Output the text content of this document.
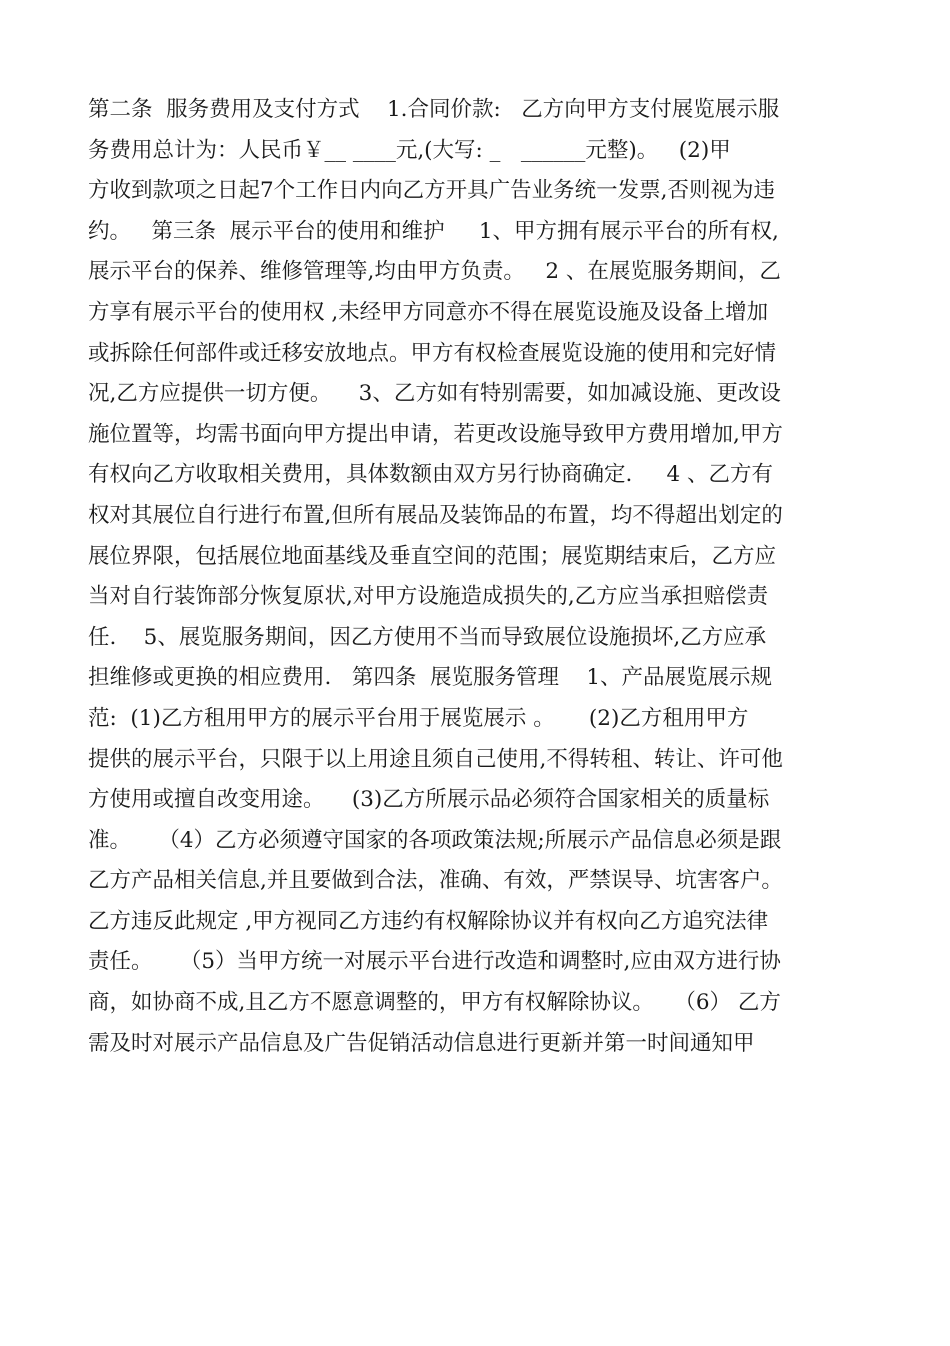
第二条  服务费用及支付方式    1.合同价款:   乙方向甲方支付展览展示服
务费用总计为：人民币￥__ ____元,(大写: _   ______元整)。   (2)甲
方收到款项之日起7个工作日内向乙方开具广告业务统一发票,否则视为违
约。   第三条  展示平台的使用和维护     1、甲方拥有展示平台的所有权,
展示平台的保养、维修管理等,均由甲方负责。   2 、在展览服务期间，乙
方享有展示平台的使用权 ,未经甲方同意亦不得在展览设施及设备上增加
或拆除任何部件或迁移安放地点。甲方有权检查展览设施的使用和完好情
况,乙方应提供一切方便。    3、乙方如有特别需要，如加减设施、更改设
施位置等，均需书面向甲方提出申请，若更改设施导致甲方费用增加,甲方
有权向乙方收取相关费用，具体数额由双方另行协商确定.     4 、乙方有
权对其展位自行进行布置,但所有展品及装饰品的布置，均不得超出划定的
展位界限，包括展位地面基线及垂直空间的范围；展览期结束后，乙方应
当对自行装饰部分恢复原状,对甲方设施造成损失的,乙方应当承担赔偿责
任.    5、展览服务期间，因乙方使用不当而导致展位设施损坏,乙方应承
担维修或更换的相应费用.   第四条  展览服务管理    1、产品展览展示规
范:  (1)乙方租用甲方的展示平台用于展览展示 。     (2)乙方租用甲方
提供的展示平台，只限于以上用途且须自己使用,不得转租、转让、许可他
方使用或擅自改变用途。    (3)乙方所展示品必须符合国家相关的质量标
准。    （4）乙方必须遵守国家的各项政策法规;所展示产品信息必须是跟
乙方产品相关信息,并且要做到合法，准确、有效，严禁误导、坑害客户。
乙方违反此规定 ,甲方视同乙方违约有权解除协议并有权向乙方追究法律
责任。    （5）当甲方统一对展示平台进行改造和调整时,应由双方进行协
商，如协商不成,且乙方不愿意调整的，甲方有权解除协议。   （6） 乙方
需及时对展示产品信息及广告促销活动信息进行更新并第一时间通知甲
